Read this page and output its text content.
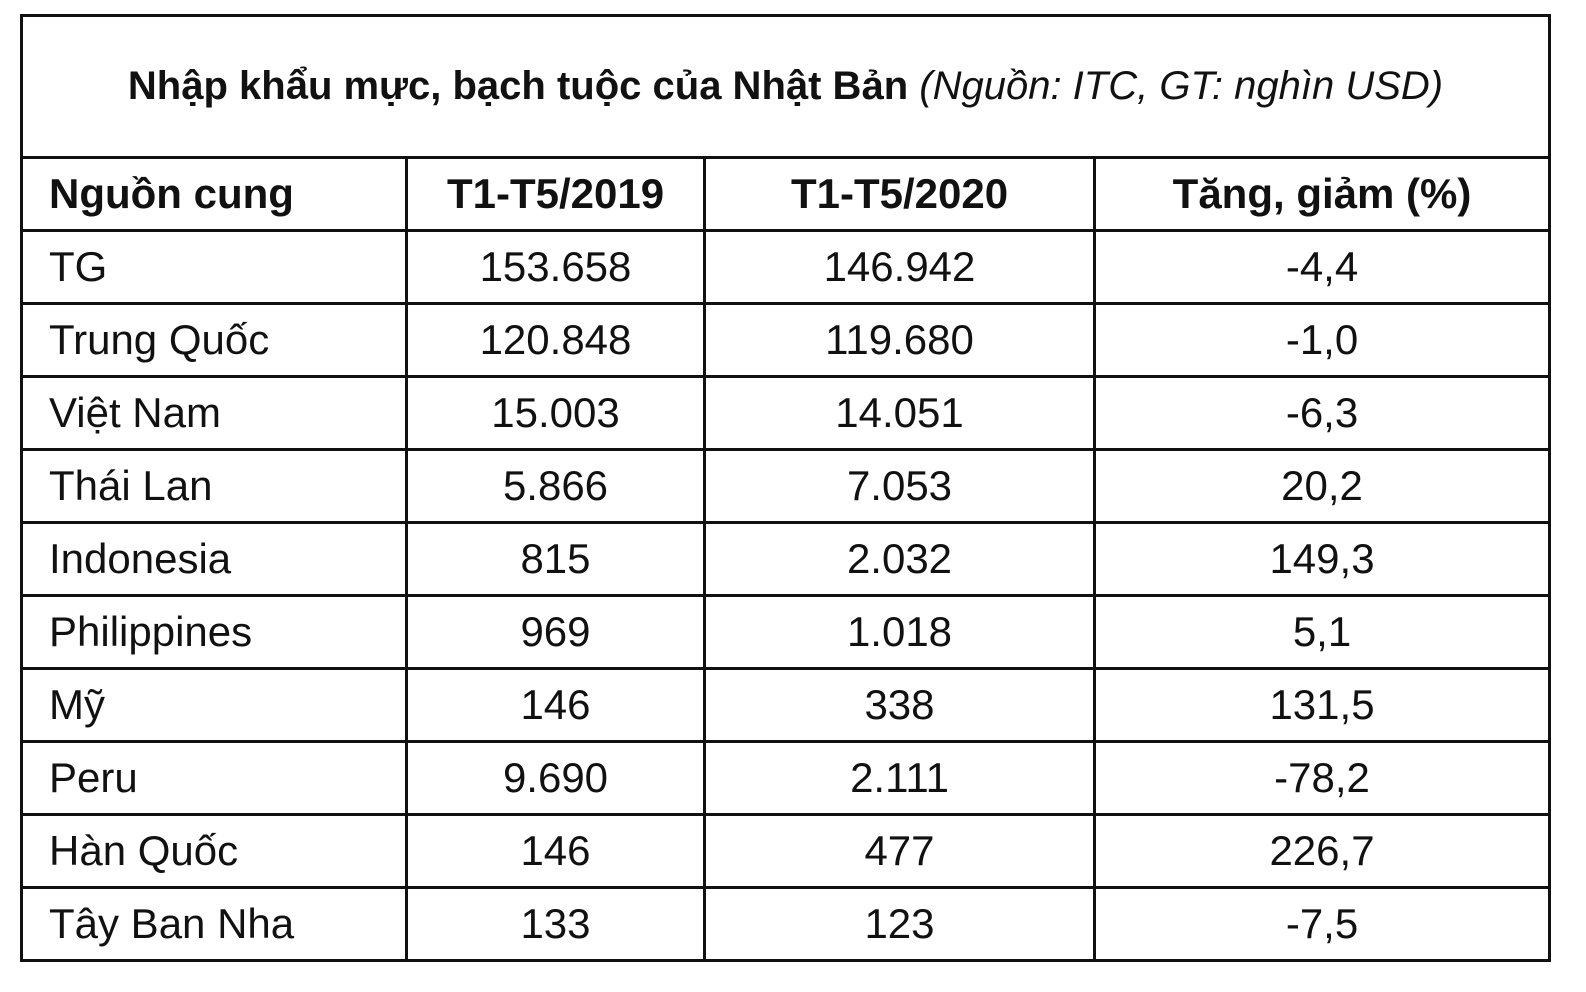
Nhập khẩu mực, bạch tuộc của Nhật Bản (Nguồn: ITC, GT: nghìn USD)			
Nguồn cung	T1-T5/2019	T1-T5/2020	Tăng, giảm (%)
TG	153.658	146.942	-4,4
Trung Quốc	120.848	119.680	-1,0
Việt Nam	15.003	14.051	-6,3
Thái Lan	5.866	7.053	20,2
Indonesia	815	2.032	149,3
Philippines	969	1.018	5,1
Mỹ	146	338	131,5
Peru	9.690	2.111	-78,2
Hàn Quốc	146	477	226,7
Tây Ban Nha	133	123	-7,5
